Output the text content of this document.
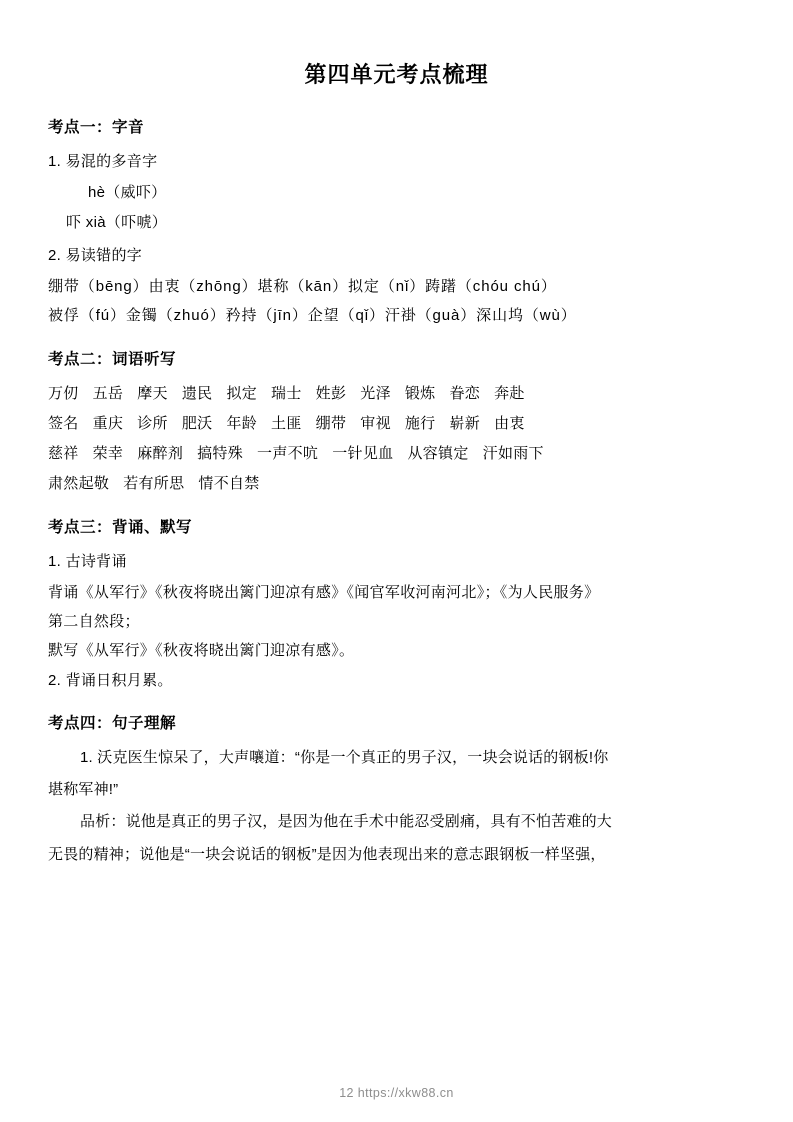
第四单元考点梳理
考点一：字音

1. 易混的多音字

hè（威吓）

吓 xià（吓唬）

2. 易读错的字

绷带（bēnɡ）由衷（zhōnɡ）堪称（kān）拟定（nǐ）踌躇（chóu chú）

被俘（fú）金镯（zhuó）矜持（jīn）企望（qǐ）汗褂（ɡuà）深山坞（wù）

考点二：词语听写
万仞 五岳 摩天 遗民 拟定 瑞士 姓彭 光泽 锻炼 眷恋 奔赴
签名 重庆 诊所 肥沃 年龄 土匪 绷带 审视 施行 崭新 由衷
慈祥 荣幸 麻醉剂 搞特殊 一声不吭 一针见血 从容镇定 汗如雨下
肃然起敬 若有所思 情不自禁
考点三：背诵、默写

1. 古诗背诵

背诵《从军行》《秋夜将晓出篱门迎凉有感》《闻官军收河南河北》；《为人民服务》

第二自然段；

默写《从军行》《秋夜将晓出篱门迎凉有感》。

2. 背诵日积月累。

考点四：句子理解

1. 沃克医生惊呆了，大声嚷道：“你是一个真正的男子汉，一块会说话的钢板!你

堪称军神!”

品析：说他是真正的男子汉，是因为他在手术中能忍受剧痛，具有不怕苦难的大

无畏的精神；说他是“一块会说话的钢板”是因为他表现出来的意志跟钢板一样坚强，

12 https://xkw88.cn
